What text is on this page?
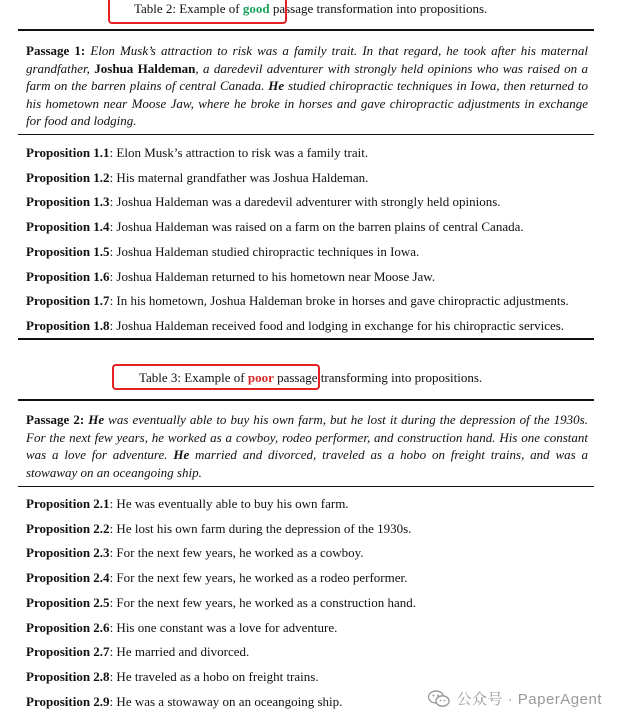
Table 2: Example of good passage transformation into propositions.
Passage 1: Elon Musk’s attraction to risk was a family trait. In that regard, he took after his maternal grandfather, Joshua Haldeman, a daredevil adventurer with strongly held opinions who was raised on a farm on the barren plains of central Canada. He studied chiropractic techniques in Iowa, then returned to his hometown near Moose Jaw, where he broke in horses and gave chiropractic adjustments in exchange for food and lodging.
Proposition 1.1: Elon Musk’s attraction to risk was a family trait.
Proposition 1.2: His maternal grandfather was Joshua Haldeman.
Proposition 1.3: Joshua Haldeman was a daredevil adventurer with strongly held opinions.
Proposition 1.4: Joshua Haldeman was raised on a farm on the barren plains of central Canada.
Proposition 1.5: Joshua Haldeman studied chiropractic techniques in Iowa.
Proposition 1.6: Joshua Haldeman returned to his hometown near Moose Jaw.
Proposition 1.7: In his hometown, Joshua Haldeman broke in horses and gave chiropractic adjustments.
Proposition 1.8: Joshua Haldeman received food and lodging in exchange for his chiropractic services.
Table 3: Example of poor passage transforming into propositions.
Passage 2: He was eventually able to buy his own farm, but he lost it during the depression of the 1930s. For the next few years, he worked as a cowboy, rodeo performer, and construction hand. His one constant was a love for adventure. He married and divorced, traveled as a hobo on freight trains, and was a stowaway on an oceangoing ship.
Proposition 2.1: He was eventually able to buy his own farm.
Proposition 2.2: He lost his own farm during the depression of the 1930s.
Proposition 2.3: For the next few years, he worked as a cowboy.
Proposition 2.4: For the next few years, he worked as a rodeo performer.
Proposition 2.5: For the next few years, he worked as a construction hand.
Proposition 2.6: His one constant was a love for adventure.
Proposition 2.7: He married and divorced.
Proposition 2.8: He traveled as a hobo on freight trains.
Proposition 2.9: He was a stowaway on an oceangoing ship.	公众号 · PaperAgent
